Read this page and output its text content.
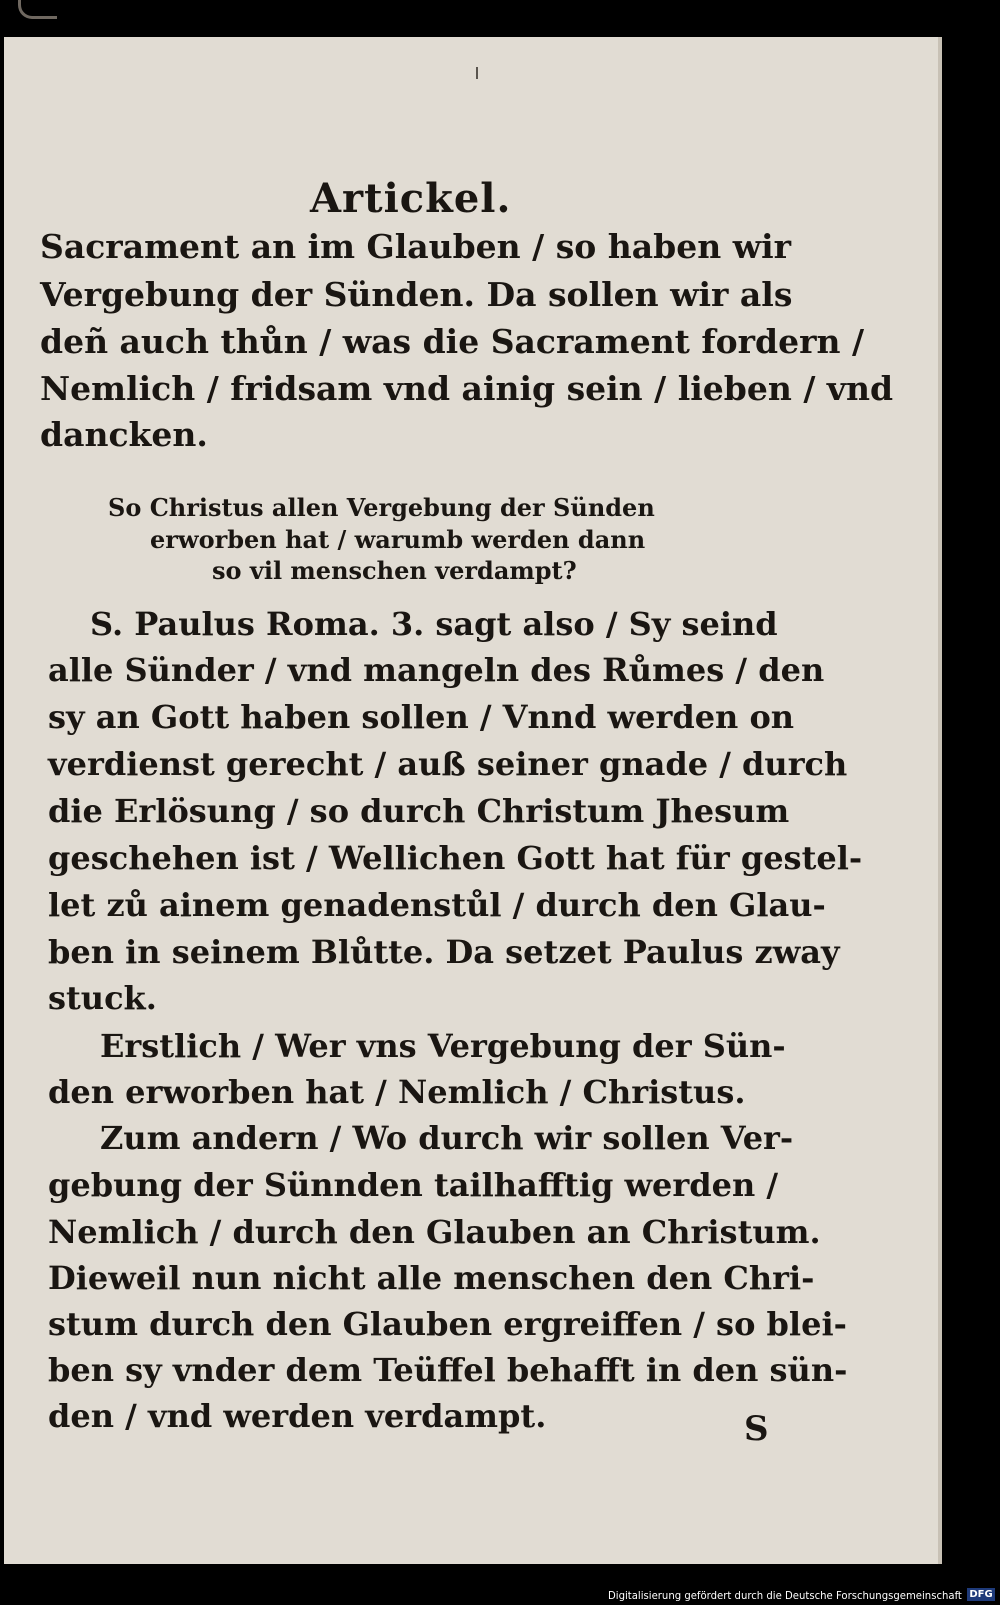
Artickel.
Sacrament an im Glauben / so haben wir
Vergebung der Sünden. Da sollen wir als
deñ auch thůn / was die Sacrament fordern /
Nemlich / fridsam vnd ainig sein / lieben / vnd
dancken.
So Christus allen Vergebung der Sünden
erworben hat / warumb werden dann
so vil menschen verdampt?
S. Paulus Roma. 3. sagt also / Sy seind
alle Sünder / vnd mangeln des Růmes / den
sy an Gott haben sollen / Vnnd werden on
verdienst gerecht / auß seiner gnade / durch
die Erlösung / so durch Christum Jhesum
geschehen ist / Wellichen Gott hat für gestel-
let zů ainem genadenstůl / durch den Glau-
ben in seinem Blůtte. Da setzet Paulus zway
stuck.
Erstlich / Wer vns Vergebung der Sün-
den erworben hat / Nemlich / Christus.
Zum andern / Wo durch wir sollen Ver-
gebung der Sünnden tailhafftig werden /
Nemlich / durch den Glauben an Christum.
Dieweil nun nicht alle menschen den Chri-
stum durch den Glauben ergreiffen / so blei-
ben sy vnder dem Teüffel behafft in den sün-
den / vnd werden verdampt.	S
Digitalisierung gefördert durch die Deutsche Forschungsgemeinschaft DFG
